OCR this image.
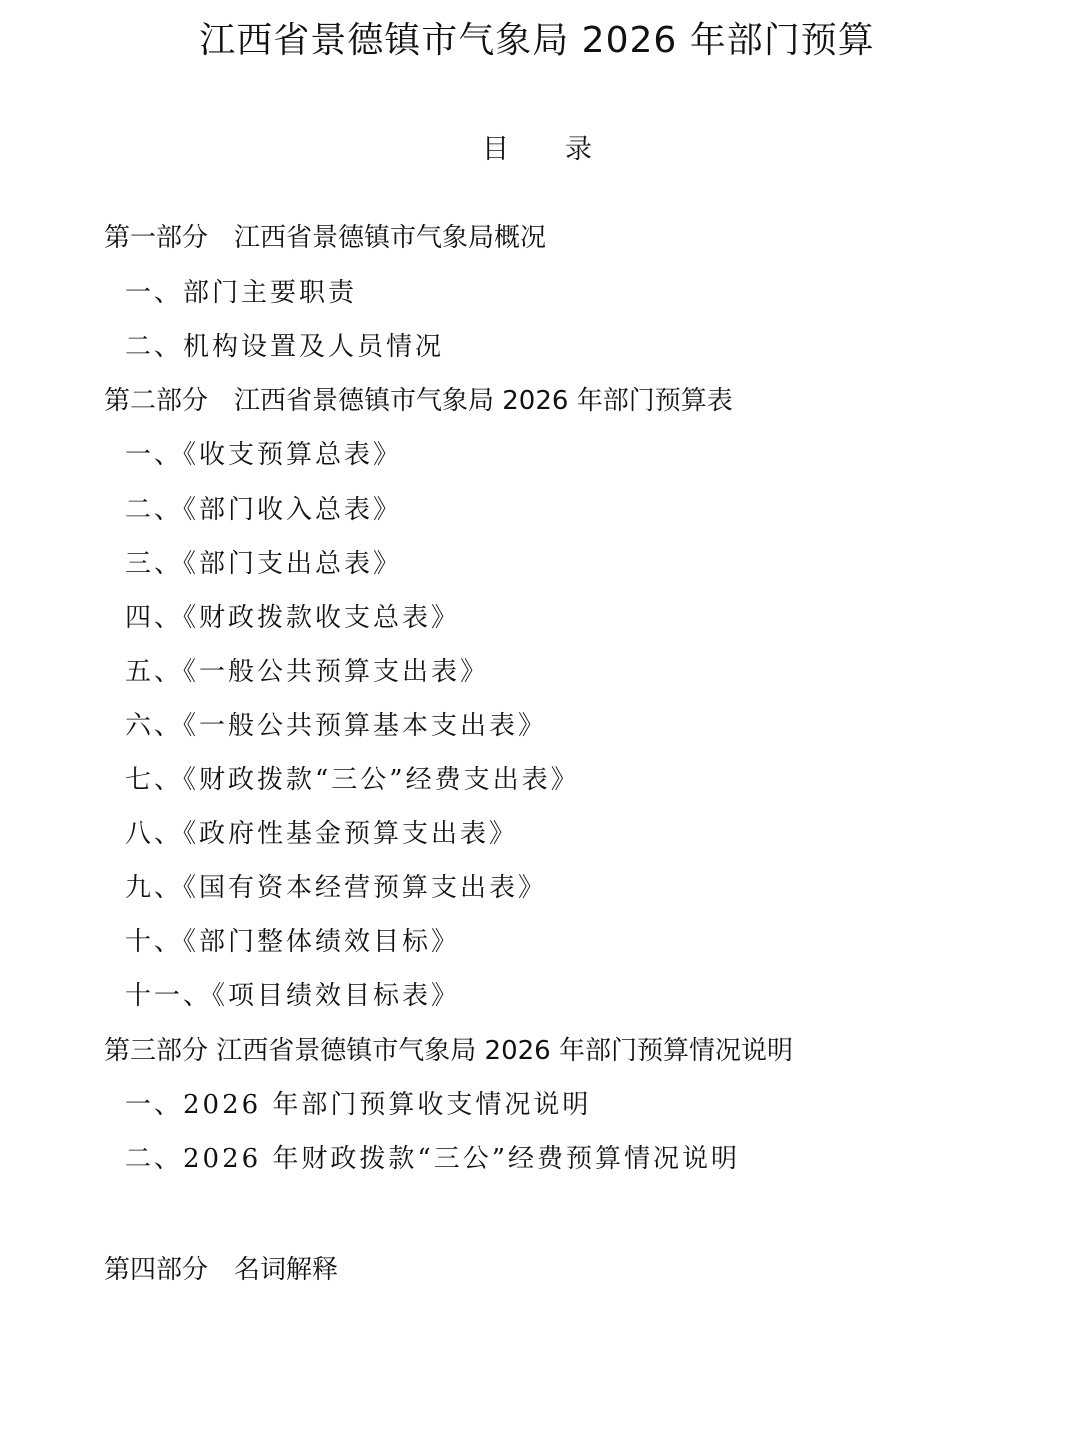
江西省景德镇市气象局 2026 年部门预算
目 录
第一部分　江西省景德镇市气象局概况
一、部门主要职责
二、机构设置及人员情况
第二部分　江西省景德镇市气象局 2026 年部门预算表
一、《收支预算总表》
二、《部门收入总表》
三、《部门支出总表》
四、《财政拨款收支总表》
五、《一般公共预算支出表》
六、《一般公共预算基本支出表》
七、《财政拨款“三公”经费支出表》
八、《政府性基金预算支出表》
九、《国有资本经营预算支出表》
十、《部门整体绩效目标》
十一、《项目绩效目标表》
第三部分 江西省景德镇市气象局 2026 年部门预算情况说明
一、2026 年部门预算收支情况说明
二、2026 年财政拨款“三公”经费预算情况说明
第四部分　名词解释
